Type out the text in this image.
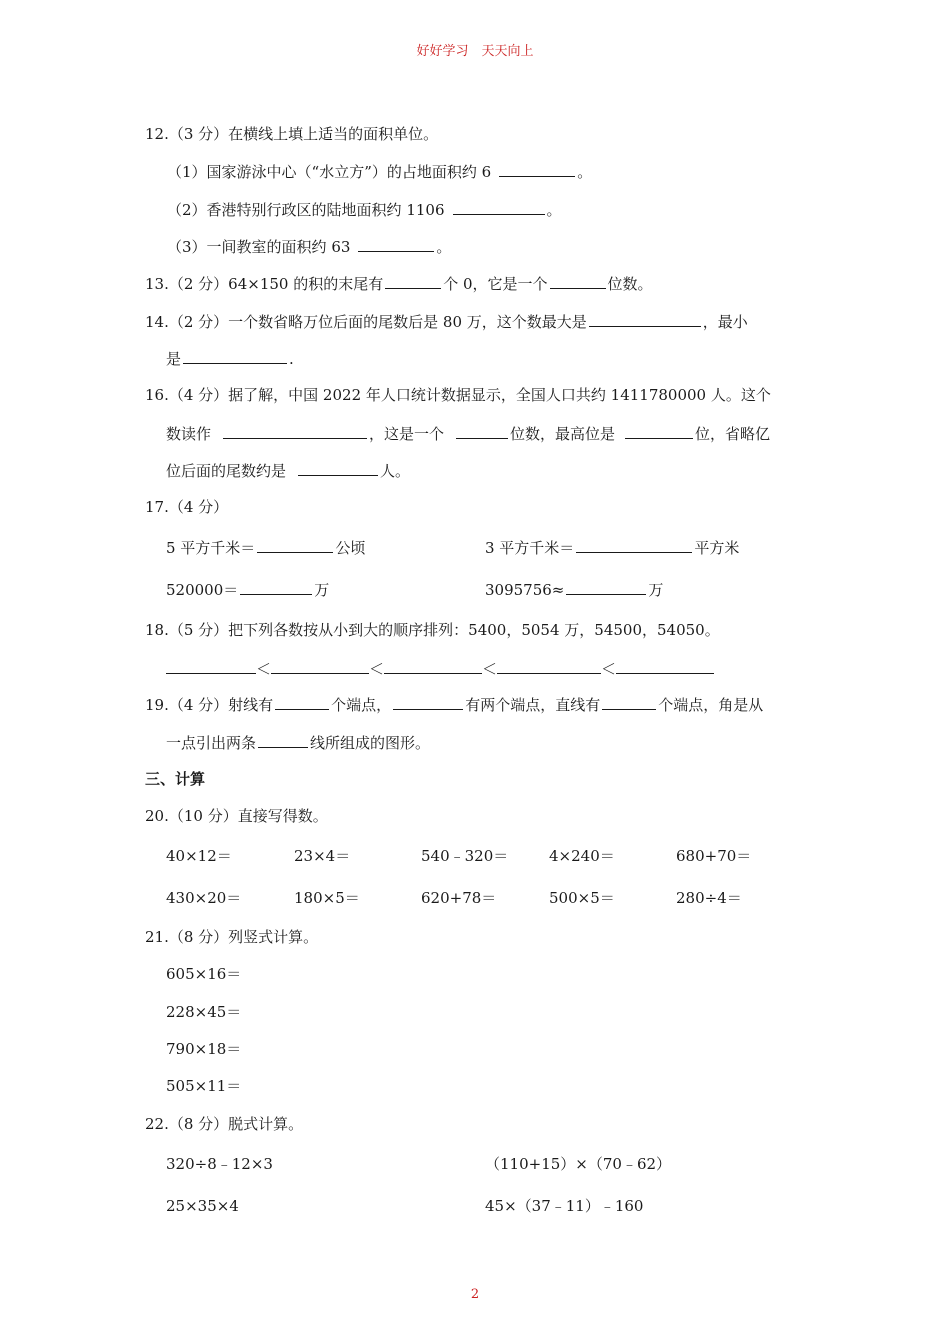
好好学习　天天向上
12.（3 分）在横线上填上适当的面积单位。
（1）国家游泳中心（“水立方”）的占地面积约 6	。
（2）香港特别行政区的陆地面积约 1106	。
（3）一间教室的面积约 63	。
13.（2 分）64×150 的积的末尾有	个 0，它是一个	位数。
14.（2 分）一个数省略万位后面的尾数后是 80 万，这个数最大是	，最小
是	.
16.（4 分）据了解，中国 2022 年人口统计数据显示，全国人口共约 1411780000 人。这个
数读作	，这是一个	位数，最高位是	位，省略亿
位后面的尾数约是	人。
17.（4 分）
5 平方千米＝	公顷	3 平方千米＝	平方米
520000＝	万	3095756≈	万
18.（5 分）把下列各数按从小到大的顺序排列：5400，5054 万，54500，54050。
＜	＜	＜	＜
19.（4 分）射线有	个端点，	有两个端点，直线有	个端点，角是从
一点引出两条	线所组成的图形。
三、计算
20.（10 分）直接写得数。
40×12＝	23×4＝	540﹣320＝	4×240＝	680+70＝
430×20＝	180×5＝	620+78＝	500×5＝	280÷4＝
21.（8 分）列竖式计算。
605×16＝
228×45＝
790×18＝
505×11＝
22.（8 分）脱式计算。
320÷8﹣12×3	（110+15）×（70﹣62）
25×35×4	45×（37﹣11）﹣160
2
